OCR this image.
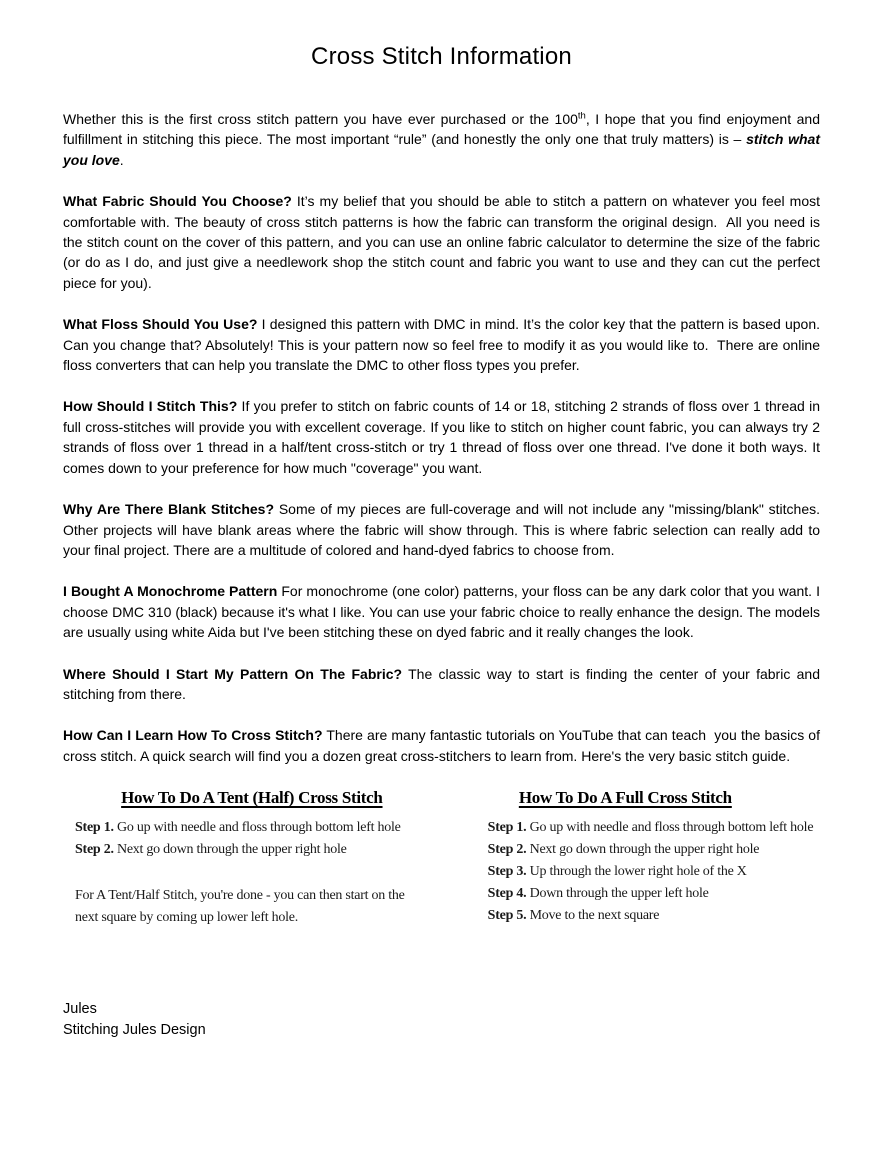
Cross Stitch Information

Whether this is the first cross stitch pattern you have ever purchased or the 100th, I hope that you find enjoyment and fulfillment in stitching this piece. The most important “rule” (and honestly the only one that truly matters) is – stitch what you love.

What Fabric Should You Choose? It’s my belief that you should be able to stitch a pattern on whatever you feel most comfortable with. The beauty of cross stitch patterns is how the fabric can transform the original design.  All you need is the stitch count on the cover of this pattern, and you can use an online fabric calculator to determine the size of the fabric (or do as I do, and just give a needlework shop the stitch count and fabric you want to use and they can cut the perfect piece for you).

What Floss Should You Use? I designed this pattern with DMC in mind. It’s the color key that the pattern is based upon. Can you change that? Absolutely! This is your pattern now so feel free to modify it as you would like to.  There are online floss converters that can help you translate the DMC to other floss types you prefer.

How Should I Stitch This? If you prefer to stitch on fabric counts of 14 or 18, stitching 2 strands of floss over 1 thread in full cross-stitches will provide you with excellent coverage. If you like to stitch on higher count fabric, you can always try 2 strands of floss over 1 thread in a half/tent cross-stitch or try 1 thread of floss over one thread. I've done it both ways. It comes down to your preference for how much "coverage" you want.

Why Are There Blank Stitches? Some of my pieces are full-coverage and will not include any "missing/blank" stitches. Other projects will have blank areas where the fabric will show through. This is where fabric selection can really add to your final project. There are a multitude of colored and hand-dyed fabrics to choose from.

I Bought A Monochrome Pattern For monochrome (one color) patterns, your floss can be any dark color that you want. I choose DMC 310 (black) because it's what I like. You can use your fabric choice to really enhance the design. The models are usually using white Aida but I've been stitching these on dyed fabric and it really changes the look.

Where Should I Start My Pattern On The Fabric? The classic way to start is finding the center of your fabric and stitching from there.

How Can I Learn How To Cross Stitch? There are many fantastic tutorials on YouTube that can teach  you the basics of cross stitch. A quick search will find you a dozen great cross-stitchers to learn from. Here's the very basic stitch guide.

How To Do A Tent (Half) Cross Stitch
Step 1. Go up with needle and floss through bottom left hole
Step 2. Next go down through the upper right hole

For A Tent/Half Stitch, you're done - you can then start on the next square by coming up lower left hole.

How To Do A Full Cross Stitch
Step 1. Go up with needle and floss through bottom left hole
Step 2. Next go down through the upper right hole
Step 3. Up through the lower right hole of the X
Step 4. Down through the upper left hole
Step 5. Move to the next square
Jules
Stitching Jules Design
